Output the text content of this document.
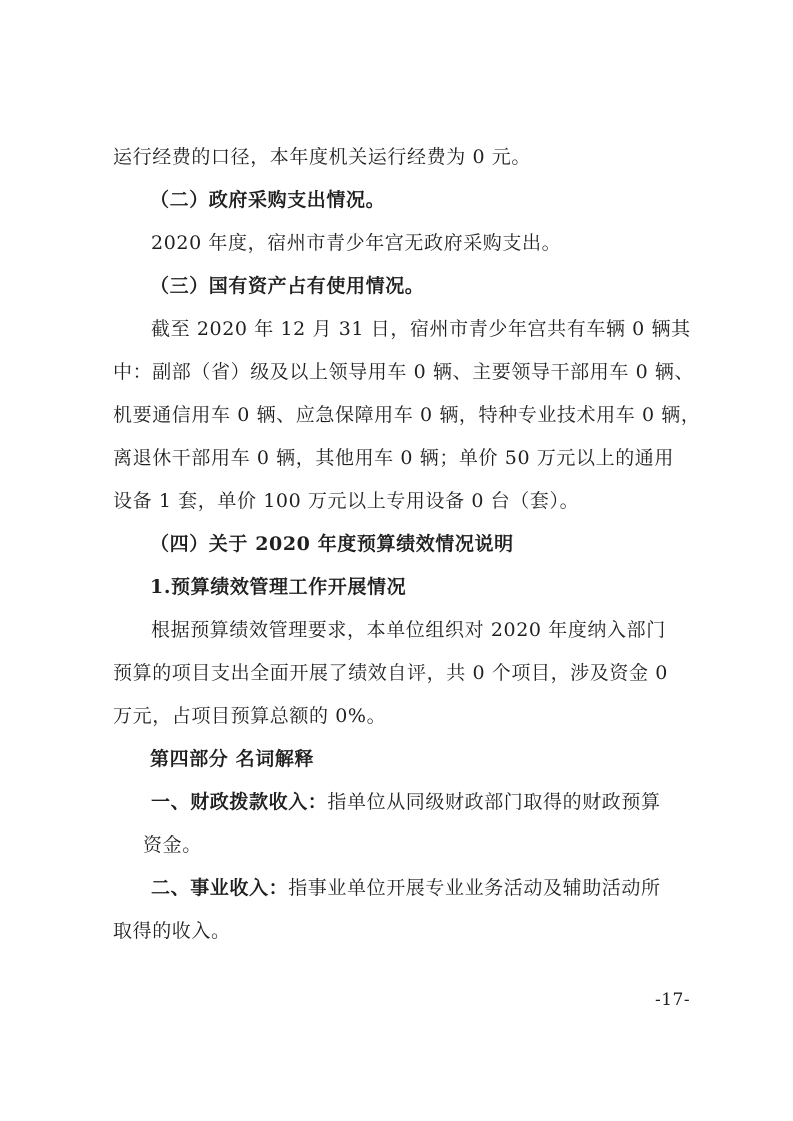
运行经费的口径，本年度机关运行经费为 0 元。
（二）政府采购支出情况。
2020 年度，宿州市青少年宫无政府采购支出。
（三）国有资产占有使用情况。
截至 2020 年 12 月 31 日，宿州市青少年宫共有车辆 0 辆其
中：副部（省）级及以上领导用车 0 辆、主要领导干部用车 0 辆、
机要通信用车 0 辆、应急保障用车 0 辆，特种专业技术用车 0 辆，
离退休干部用车 0 辆，其他用车 0 辆；单价 50 万元以上的通用
设备 1 套，单价 100 万元以上专用设备 0 台（套）。
（四）关于 2020 年度预算绩效情况说明
1.预算绩效管理工作开展情况
根据预算绩效管理要求，本单位组织对 2020 年度纳入部门
预算的项目支出全面开展了绩效自评，共 0 个项目，涉及资金 0
万元，占项目预算总额的 0%。
第四部分 名词解释
一、财政拨款收入：指单位从同级财政部门取得的财政预算
资金。
二、事业收入：指事业单位开展专业业务活动及辅助活动所
取得的收入。
-17-
